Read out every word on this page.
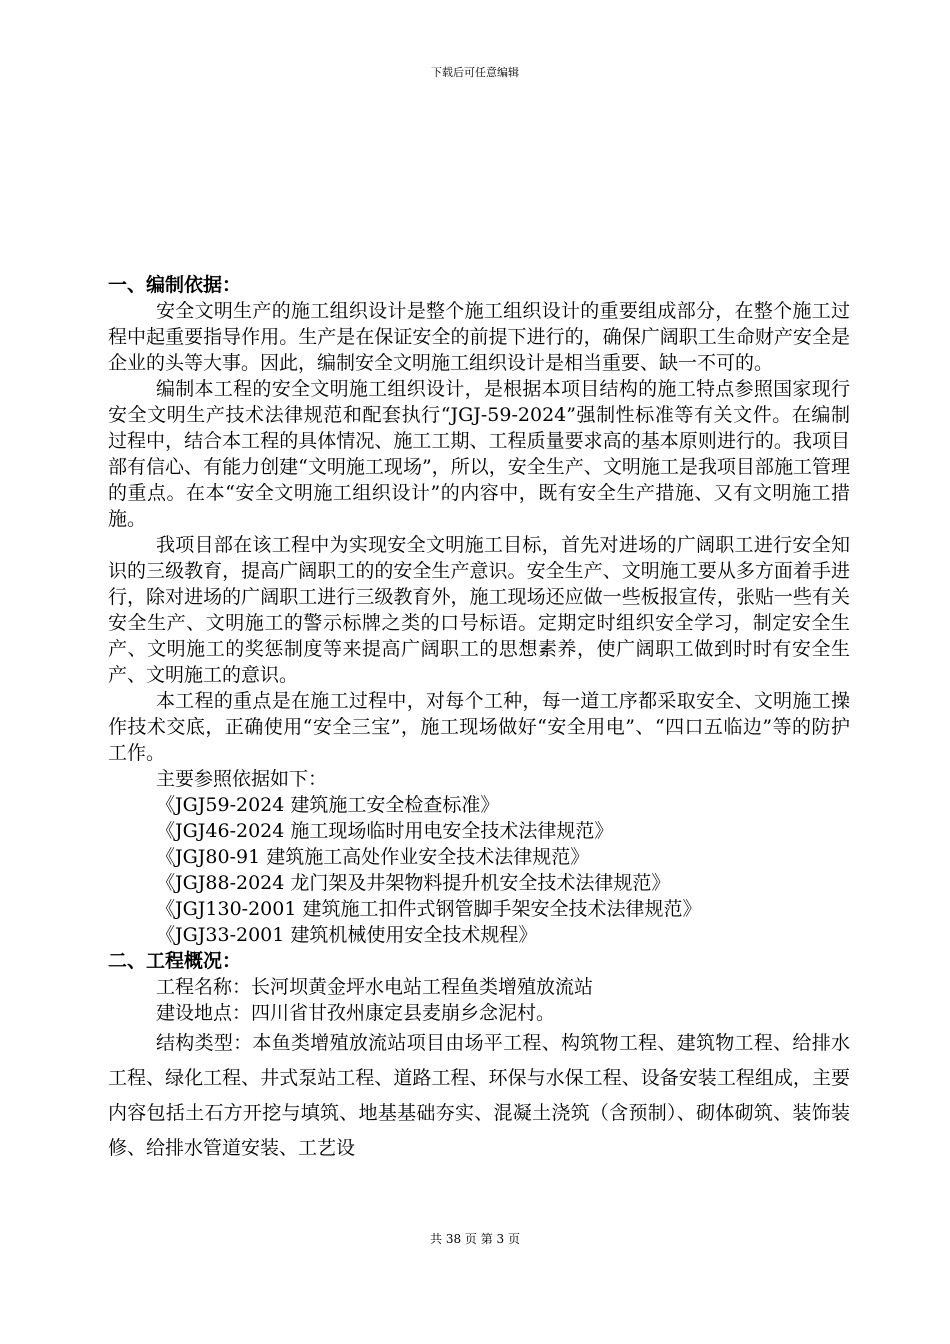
下载后可任意编辑
一、编制依据：

安全文明生产的施工组织设计是整个施工组织设计的重要组成部分，在整个施工过程中起重要指导作用。生产是在保证安全的前提下进行的，确保广阔职工生命财产安全是企业的头等大事。因此，编制安全文明施工组织设计是相当重要、缺一不可的。

编制本工程的安全文明施工组织设计，是根据本项目结构的施工特点参照国家现行安全文明生产技术法律规范和配套执行“JGJ-59-2024”强制性标准等有关文件。在编制过程中，结合本工程的具体情况、施工工期、工程质量要求高的基本原则进行的。我项目部有信心、有能力创建“文明施工现场”，所以，安全生产、文明施工是我项目部施工管理的重点。在本“安全文明施工组织设计”的内容中，既有安全生产措施、又有文明施工措施。

我项目部在该工程中为实现安全文明施工目标，首先对进场的广阔职工进行安全知识的三级教育，提高广阔职工的的安全生产意识。安全生产、文明施工要从多方面着手进行，除对进场的广阔职工进行三级教育外，施工现场还应做一些板报宣传，张贴一些有关安全生产、文明施工的警示标牌之类的口号标语。定期定时组织安全学习，制定安全生产、文明施工的奖惩制度等来提高广阔职工的思想素养，使广阔职工做到时时有安全生产、文明施工的意识。

本工程的重点是在施工过程中，对每个工种，每一道工序都采取安全、文明施工操作技术交底，正确使用“安全三宝”，施工现场做好“安全用电”、“四口五临边”等的防护工作。

主要参照依据如下：
《JGJ59-2024 建筑施工安全检查标准》
《JGJ46-2024 施工现场临时用电安全技术法律规范》
《JGJ80-91 建筑施工高处作业安全技术法律规范》
《JGJ88-2024 龙门架及井架物料提升机安全技术法律规范》
《JGJ130-2001 建筑施工扣件式钢管脚手架安全技术法律规范》
《JGJ33-2001 建筑机械使用安全技术规程》
二、工程概况：
工程名称：长河坝黄金坪水电站工程鱼类增殖放流站
建设地点：四川省甘孜州康定县麦崩乡念泥村。

结构类型：本鱼类增殖放流站项目由场平工程、构筑物工程、建筑物工程、给排水工程、绿化工程、井式泵站工程、道路工程、环保与水保工程、设备安装工程组成，主要内容包括土石方开挖与填筑、地基基础夯实、混凝土浇筑（含预制）、砌体砌筑、装饰装修、给排水管道安装、工艺设

共 38 页 第 3 页
